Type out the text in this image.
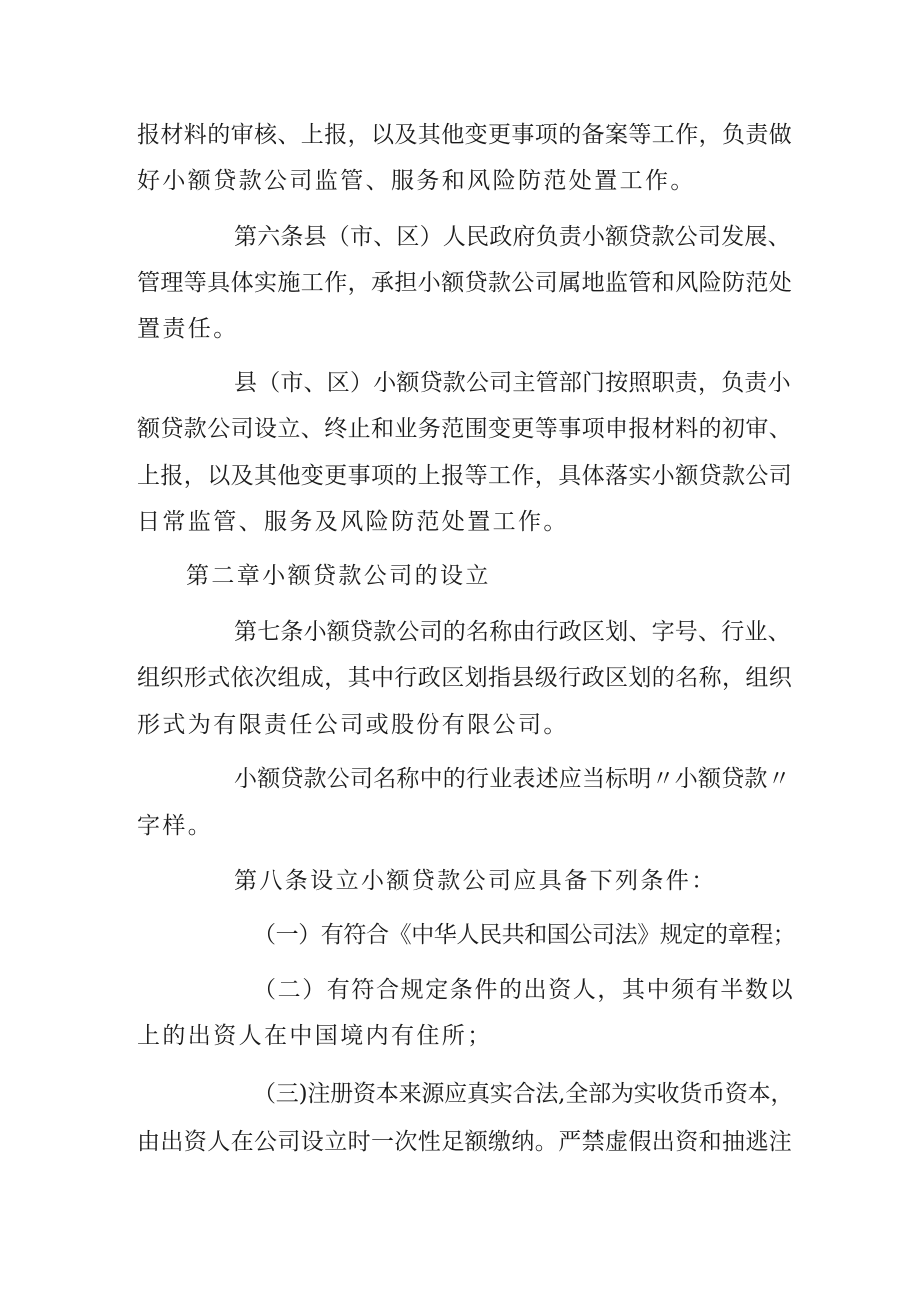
报材料的审核、上报，以及其他变更事项的备案等工作，负责做
好小额贷款公司监管、服务和风险防范处置工作。
第六条县（市、区）人民政府负责小额贷款公司发展、
管理等具体实施工作，承担小额贷款公司属地监管和风险防范处
置责任。
县（市、区）小额贷款公司主管部门按照职责，负责小
额贷款公司设立、终止和业务范围变更等事项申报材料的初审、
上报，以及其他变更事项的上报等工作，具体落实小额贷款公司
日常监管、服务及风险防范处置工作。
第二章小额贷款公司的设立
第七条小额贷款公司的名称由行政区划、字号、行业、
组织形式依次组成，其中行政区划指县级行政区划的名称，组织
形式为有限责任公司或股份有限公司。
小额贷款公司名称中的行业表述应当标明〃小额贷款〃
字样。
第八条设立小额贷款公司应具备下列条件：
（一）有符合《中华人民共和国公司法》规定的章程；
（二）有符合规定条件的出资人，其中须有半数以
上的出资人在中国境内有住所；
（三)注册资本来源应真实合法,全部为实收货币资本，
由出资人在公司设立时一次性足额缴纳。严禁虚假出资和抽逃注
